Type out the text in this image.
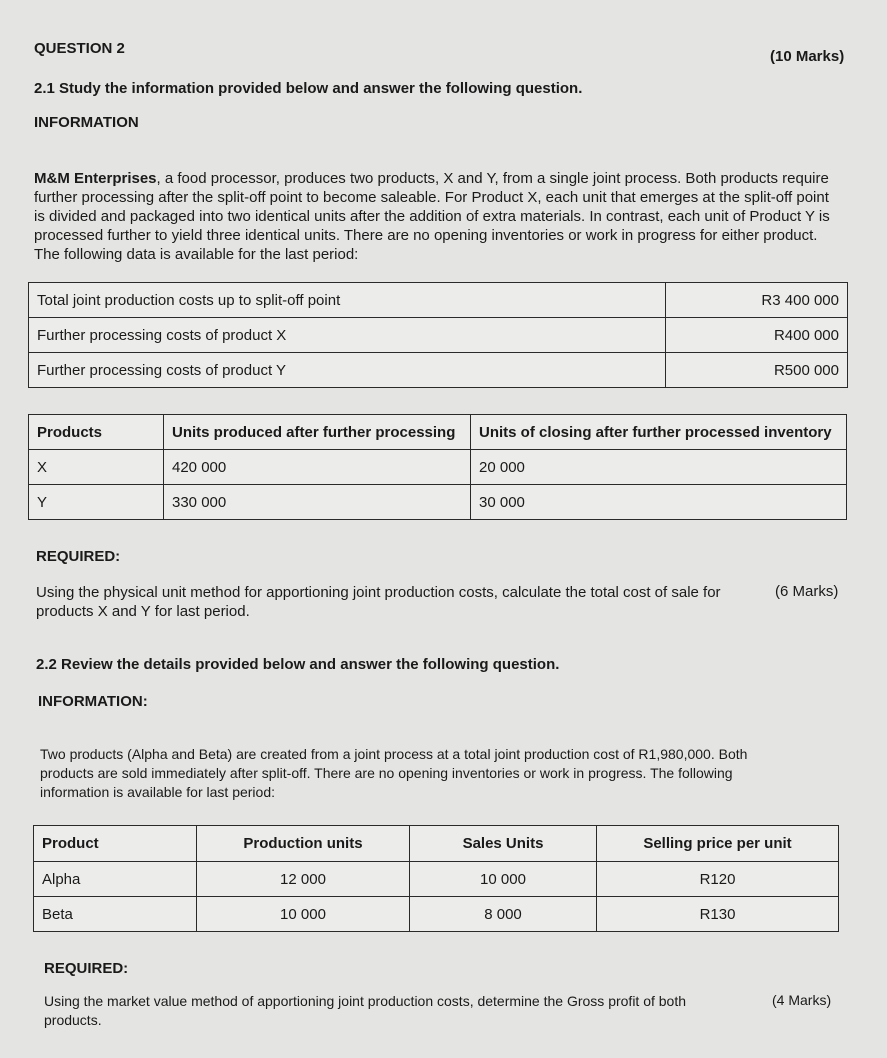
QUESTION 2	(10 Marks)
2.1 Study the information provided below and answer the following question.
INFORMATION
M&M Enterprises, a food processor, produces two products, X and Y, from a single joint process. Both products require further processing after the split-off point to become saleable. For Product X, each unit that emerges at the split-off point is divided and packaged into two identical units after the addition of extra materials. In contrast, each unit of Product Y is processed further to yield three identical units. There are no opening inventories or work in progress for either product. The following data is available for the last period:
Total joint production costs up to split-off point	R3 400 000
Further processing costs of product X	R400 000
Further processing costs of product Y	R500 000
Products	Units produced after further processing	Units of closing after further processed inventory
X	420 000	20 000
Y	330 000	30 000
REQUIRED:
Using the physical unit method for apportioning joint production costs, calculate the total cost of sale for products X and Y for last period.
(6 Marks)
2.2 Review the details provided below and answer the following question.
INFORMATION:
Two products (Alpha and Beta) are created from a joint process at a total joint production cost of R1,980,000. Both products are sold immediately after split-off. There are no opening inventories or work in progress. The following information is available for last period:
Product	Production units	Sales Units	Selling price per unit
Alpha	12 000	10 000	R120
Beta	10 000	8 000	R130
REQUIRED:
Using the market value method of apportioning joint production costs, determine the Gross profit of both products.
(4 Marks)
